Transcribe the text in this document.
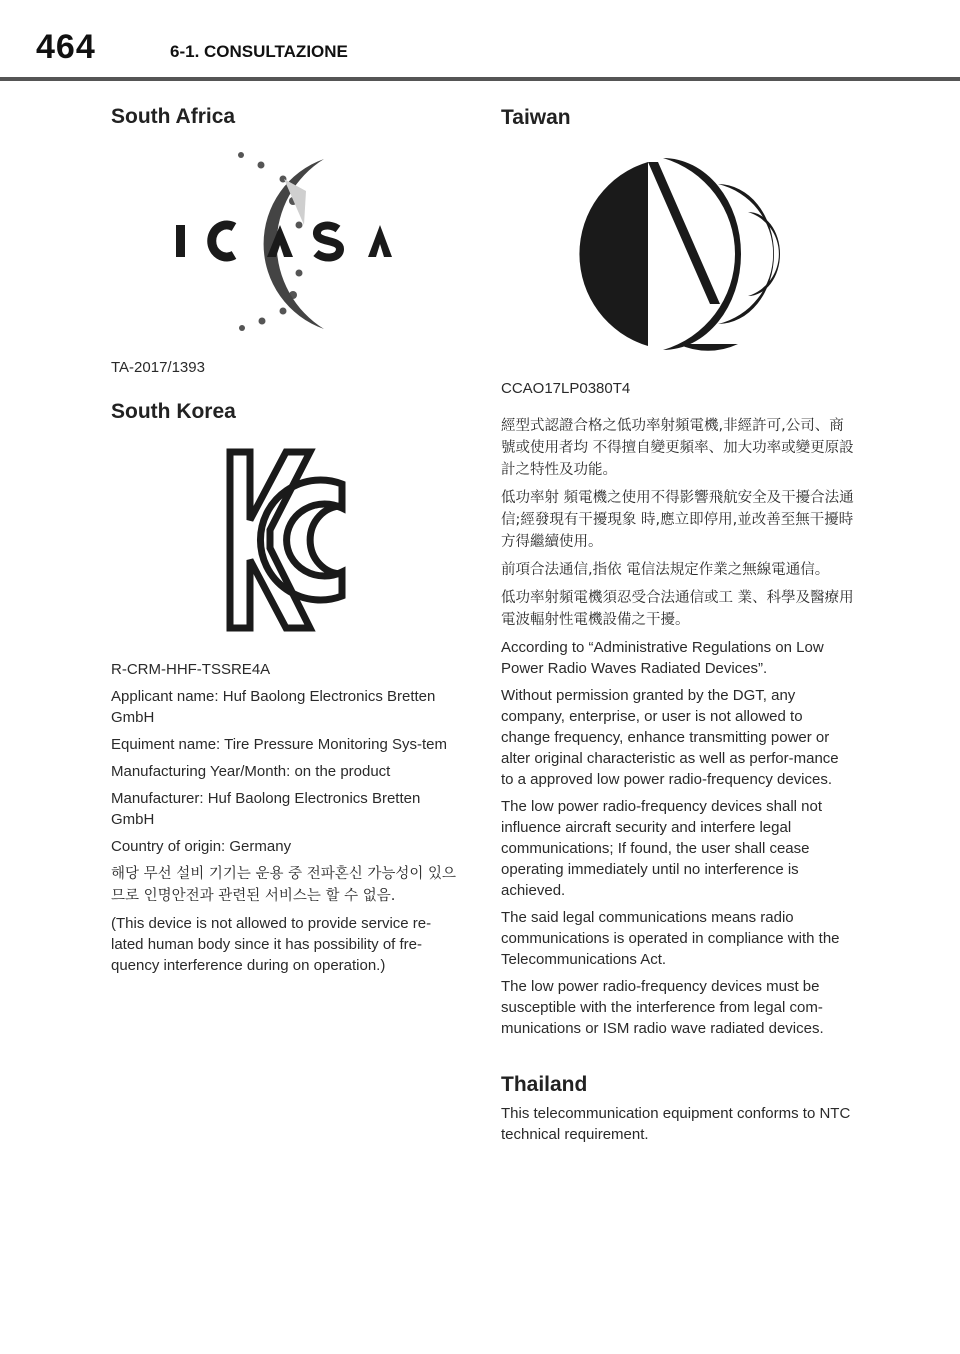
464	6-1. CONSULTAZIONE
South Africa
ICASA

TA-2017/1393

South Korea

R-CRM-HHF-TSSRE4A

Applicant name: Huf Baolong Electronics Bretten GmbH

Equiment name: Tire Pressure Monitoring Sys-tem

Manufacturing Year/Month: on the product

Manufacturer: Huf Baolong Electronics Bretten GmbH

Country of origin: Germany

해당 무선 설비 기기는 운용 중 전파혼신 가능성이 있으므로 인명안전과 관련된 서비스는 할 수 없음.

(This device is not allowed to provide service re-lated human body since it has possibility of fre-quency interference during on operation.)

Taiwan

CCAO17LP0380T4

經型式認證合格之低功率射頻電機,非經許可,公司、商號或使用者均 不得擅自變更頻率、加大功率或變更原設計之特性及功能。

低功率射 頻電機之使用不得影響飛航安全及干擾合法通信;經發現有干擾現象 時,應立即停用,並改善至無干擾時方得繼續使用。

前項合法通信,指依 電信法規定作業之無線電通信。

低功率射頻電機須忍受合法通信或工 業、科學及醫療用電波輻射性電機設備之干擾。

According to “Administrative Regulations on Low Power Radio Waves Radiated Devices”.

Without permission granted by the DGT, any company, enterprise, or user is not allowed to change frequency, enhance transmitting power or alter original characteristic as well as perfor-mance to a approved low power radio-frequency devices.

The low power radio-frequency devices shall not influence aircraft security and interfere legal communications; If found, the user shall cease operating immediately until no interference is achieved.

The said legal communications means radio communications is operated in compliance with the Telecommunications Act.

The low power radio-frequency devices must be susceptible with the interference from legal com-munications or ISM radio wave radiated devices.

Thailand

This telecommunication equipment conforms to NTC technical requirement.
